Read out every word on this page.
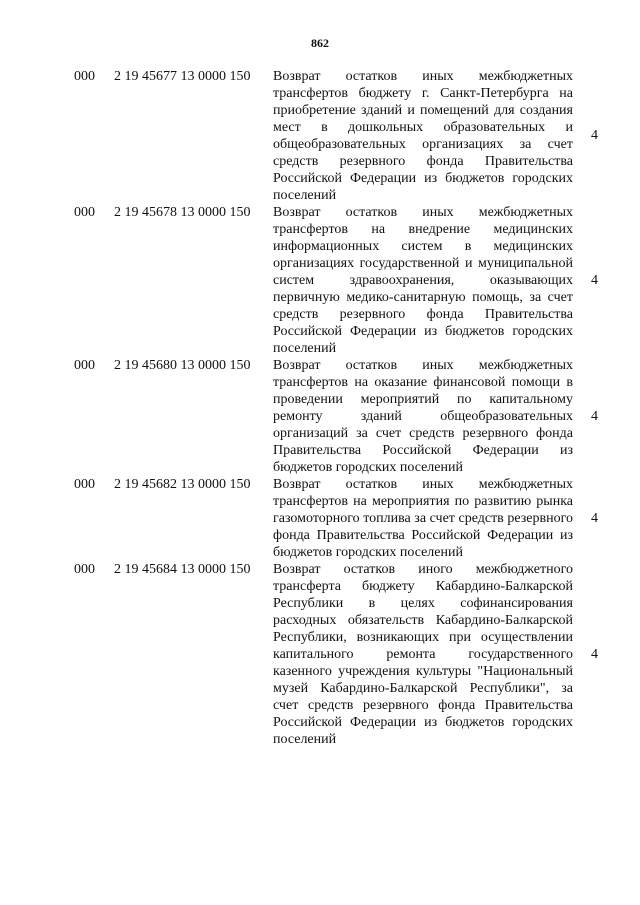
862
000 2 19 45677 13 0000 150 Возврат остатков иных межбюджетных трансфертов бюджету г. Санкт-Петербурга на приобретение зданий и помещений для создания мест в дошкольных образовательных и общеобразовательных организациях за счет средств резервного фонда Правительства Российской Федерации из бюджетов городских поселений
4
000 2 19 45678 13 0000 150 Возврат остатков иных межбюджетных трансфертов на внедрение медицинских информационных систем в медицинских организациях государственной и муниципальной систем здравоохранения, оказывающих первичную медико-санитарную помощь, за счет средств резервного фонда Правительства Российской Федерации из бюджетов городских поселений
4
000 2 19 45680 13 0000 150 Возврат остатков иных межбюджетных трансфертов на оказание финансовой помощи в проведении мероприятий по капитальному ремонту зданий общеобразовательных организаций за счет средств резервного фонда Правительства Российской Федерации из бюджетов городских поселений
4
000 2 19 45682 13 0000 150 Возврат остатков иных межбюджетных трансфертов на мероприятия по развитию рынка газомоторного топлива за счет средств резервного фонда Правительства Российской Федерации из бюджетов городских поселений
4
000 2 19 45684 13 0000 150 Возврат остатков иного межбюджетного трансферта бюджету Кабардино-Балкарской Республики в целях софинансирования расходных обязательств Кабардино-Балкарской Республики, возникающих при осуществлении капитального ремонта государственного казенного учреждения культуры "Национальный музей Кабардино-Балкарской Республики", за счет средств резервного фонда Правительства Российской Федерации из бюджетов городских поселений
4
